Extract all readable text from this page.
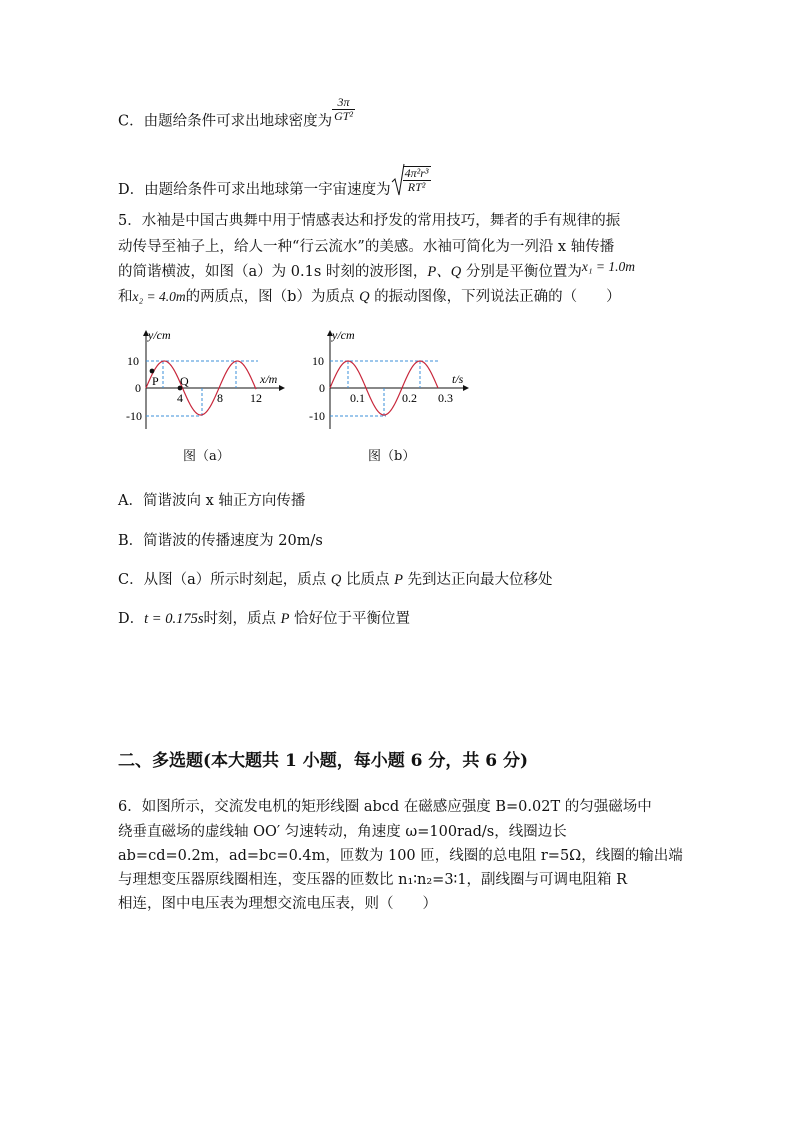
C．由题给条件可求出地球密度为 $\frac{3\pi}{\text{GT²}}$
D．由题给条件可求出地球第一宇宙速度为 $\frac{\text{4π²r³}}{\text{RT²}}$
5．水袖是中国古典舞中用于情感表达和抒发的常用技巧，舞者的手有规律的振
动传导至袖子上，给人一种“行云流水”的美感。水袖可简化为一列沿 x 轴传播
的简谐横波，如图（a）为 0.1s 时刻的波形图，P、Q 分别是平衡位置为x₁ = 1.0m
和x₂ = 4.0m的两质点，图（b）为质点 Q 的振动图像，下列说法正确的（　　）
P Q
y/cm
x/m
10
0
-10
4	8 12
图（a）
y/cm
t/s
10
0
-10
0.1	0.2 0.3
图（b）
A．简谐波向 x 轴正方向传播
B．简谐波的传播速度为 20m/s
C．从图（a）所示时刻起，质点 Q 比质点 P 先到达正向最大位移处
D．t = 0.175s时刻，质点 P 恰好位于平衡位置
二、多选题(本大题共 1 小题，每小题 6 分，共 6 分)
6．如图所示，交流发电机的矩形线圈 abcd 在磁感应强度 B=0.02T 的匀强磁场中
绕垂直磁场的虚线轴 OO′ 匀速转动，角速度 ω=100rad/s，线圈边长
ab=cd=0.2m，ad=bc=0.4m，匝数为 100 匝，线圈的总电阻 r=5Ω，线圈的输出端
与理想变压器原线圈相连，变压器的匝数比 n₁∶n₂=3∶1，副线圈与可调电阻箱 R
相连，图中电压表为理想交流电压表，则（　　）
